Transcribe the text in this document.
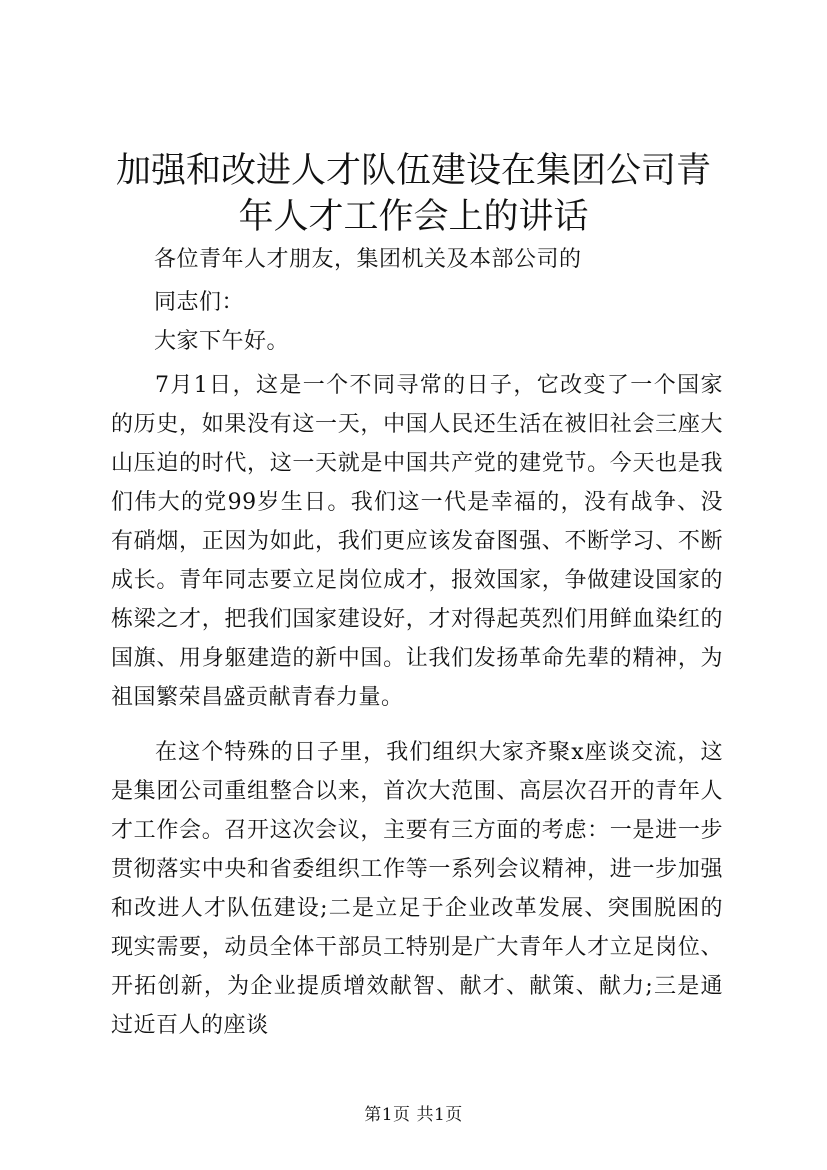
加强和改进人才队伍建设在集团公司青年人才工作会上的讲话

各位青年人才朋友，集团机关及本部公司的

同志们：

大家下午好。

7月1日，这是一个不同寻常的日子，它改变了一个国家的历史，如果没有这一天，中国人民还生活在被旧社会三座大山压迫的时代，这一天就是中国共产党的建党节。今天也是我们伟大的党99岁生日。我们这一代是幸福的，没有战争、没有硝烟，正因为如此，我们更应该发奋图强、不断学习、不断成长。青年同志要立足岗位成才，报效国家，争做建设国家的栋梁之才，把我们国家建设好，才对得起英烈们用鲜血染红的国旗、用身躯建造的新中国。让我们发扬革命先辈的精神，为祖国繁荣昌盛贡献青春力量。

在这个特殊的日子里，我们组织大家齐聚x座谈交流，这是集团公司重组整合以来，首次大范围、高层次召开的青年人才工作会。召开这次会议，主要有三方面的考虑：一是进一步贯彻落实中央和省委组织工作等一系列会议精神，进一步加强和改进人才队伍建设;二是立足于企业改革发展、突围脱困的现实需要，动员全体干部员工特别是广大青年人才立足岗位、开拓创新，为企业提质增效献智、献才、献策、献力;三是通过近百人的座谈

第1页 共1页
